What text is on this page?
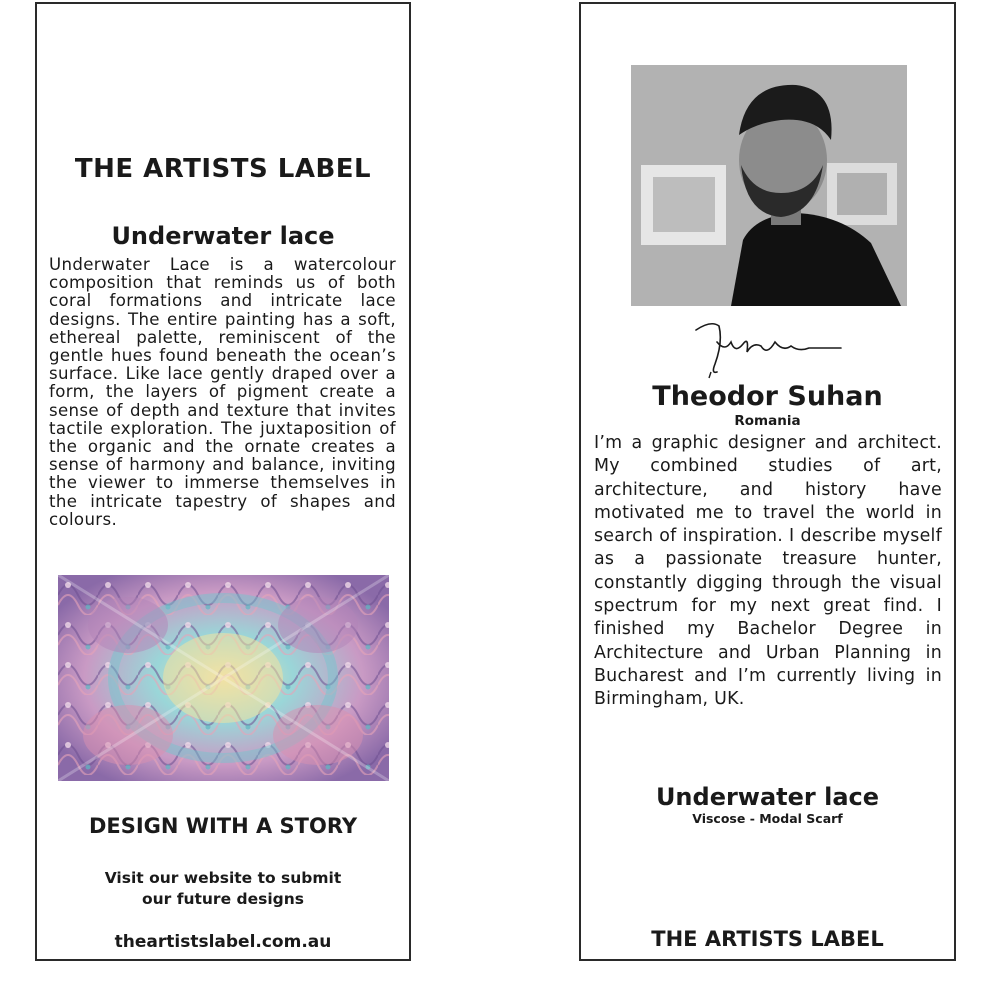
THE ARTISTS LABEL
Underwater lace
Underwater Lace is a watercolour composition that reminds us of both coral formations and intricate lace designs. The entire painting has a soft, ethereal palette, reminiscent of the gentle hues found beneath the ocean’s surface. Like lace gently draped over a form, the layers of pigment create a sense of depth and texture that invites tactile exploration. The juxtaposition of the organic and the ornate creates a sense of harmony and balance, inviting the viewer to immerse themselves in the intricate tapestry of shapes and colours.
DESIGN WITH A STORY
Visit our website to submit
our future designs
theartistslabel.com.au
Theodor Suhan
Romania
I’m a graphic designer and architect. My combined studies of art, architecture, and history have motivated me to travel the world in search of inspiration. I describe myself as a passionate treasure hunter, constantly digging through the visual spectrum for my next great find. I finished my Bachelor Degree in Architecture and Urban Planning in Bucharest and I’m currently living in Birmingham, UK.
Underwater lace
Viscose - Modal Scarf
THE ARTISTS LABEL
